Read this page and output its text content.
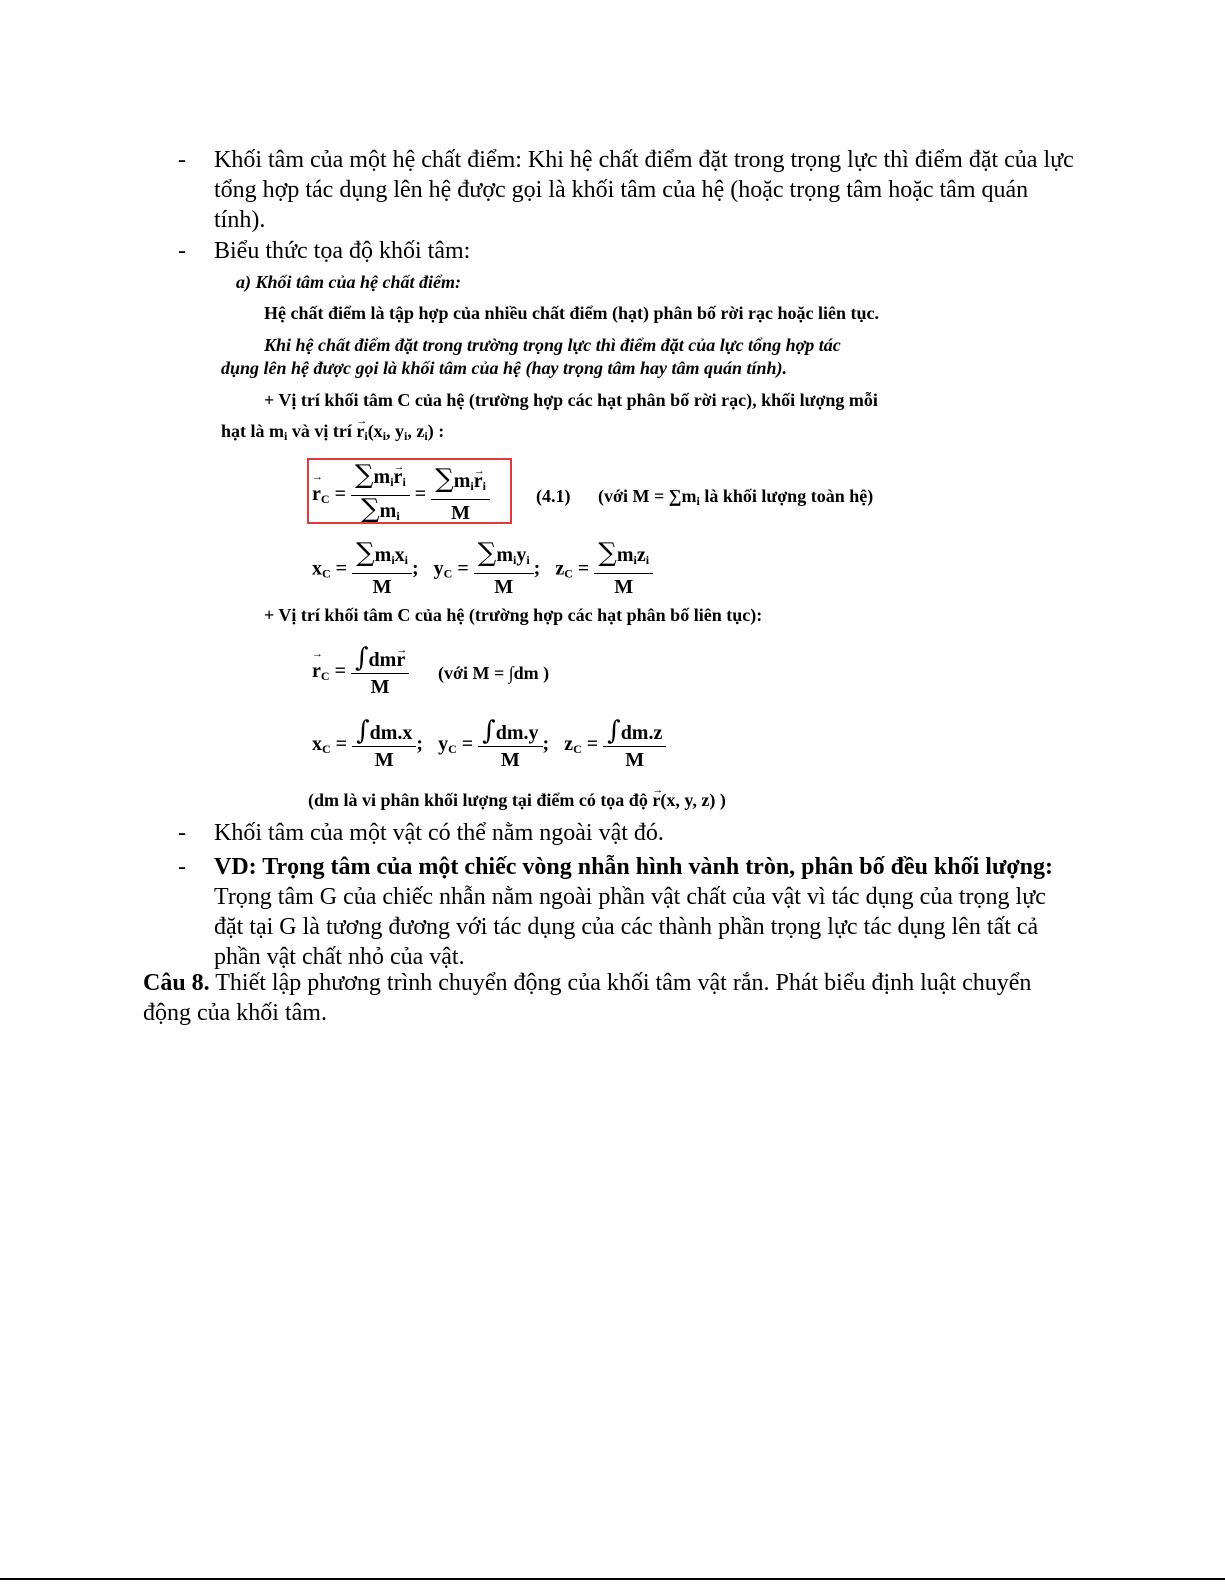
-	Khối tâm của một hệ chất điểm: Khi hệ chất điểm đặt trong trọng lực thì điểm đặt của lực tổng hợp tác dụng lên hệ được gọi là khối tâm của hệ (hoặc trọng tâm hoặc tâm quán tính).
-	Biểu thức tọa độ khối tâm:
a) Khối tâm của hệ chất điểm:
Hệ chất điểm là tập hợp của nhiều chất điểm (hạt) phân bố rời rạc hoặc liên tục.
Khi hệ chất điểm đặt trong trường trọng lực thì điểm đặt của lực tổng hợp tác
dụng lên hệ được gọi là khối tâm của hệ (hay trọng tâm hay tâm quán tính).
+ Vị trí khối tâm C của hệ (trường hợp các hạt phân bố rời rạc), khối lượng mỗi
hạt là $m_i$ và vị trí → $r_i(x_i$, $y_i$, $z_i$) :
→ $r_C = \frac{\sum m_i\to r_i}{\sum m_i} = \frac{\sum m_i\to r_i}{M}$	(4.1) (với $M = \sum m_i$ là khối lượng toàn hệ)
$x_C = \frac{\sum m_ix_i}{M}$ ;   $y_C = \frac{\sum m_iy_i}{M}$ ;   $z_C = \frac{\sum m_iz_i}{M}$
+ Vị trí khối tâm C của hệ (trường hợp các hạt phân bố liên tục):
→ $r_C = \frac{\int dm\to r}{M}$ (với M = ∫dm )
$x_C = \frac{\int dm.x}{M}$ ;   $y_C = \frac{\int dm.y}{M}$ ;   $z_C = \frac{\int dm.z}{M}$
(dm là vi phân khối lượng tại điểm có tọa độ → r(x, y, z) )
-	Khối tâm của một vật có thể nằm ngoài vật đó.
-	VD: Trọng tâm của một chiếc vòng nhẫn hình vành tròn, phân bố đều khối lượng: Trọng tâm G của chiếc nhẫn nằm ngoài phần vật chất của vật vì tác dụng của trọng lực đặt tại G là tương đương với tác dụng của các thành phần trọng lực tác dụng lên tất cả phần vật chất nhỏ của vật.
Câu 8. Thiết lập phương trình chuyển động của khối tâm vật rắn. Phát biểu định luật chuyển động của khối tâm.
